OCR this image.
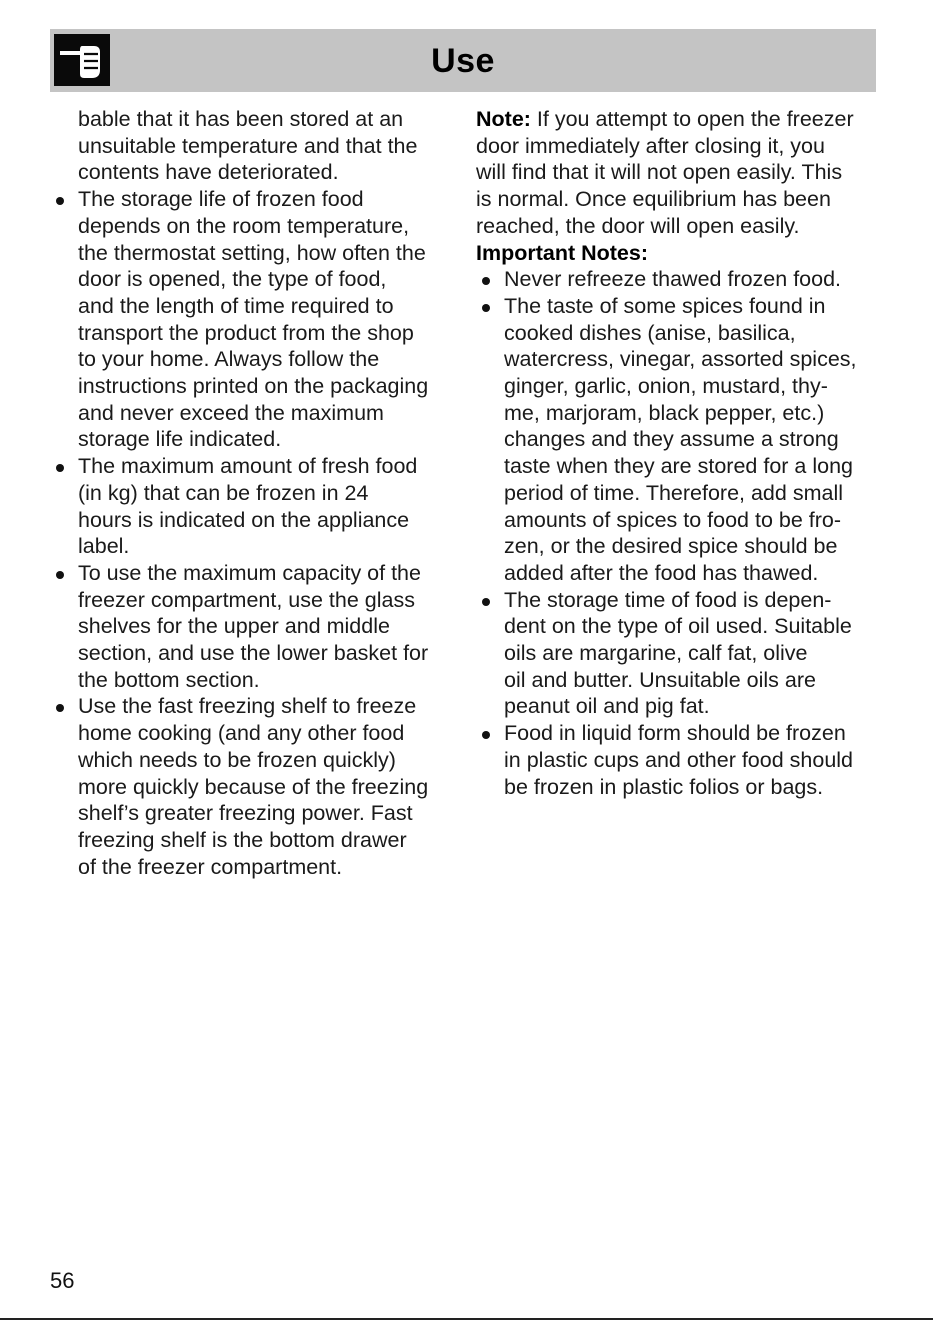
Use
bable that it has been stored at an
unsuitable temperature and that the
contents have deteriorated.
The storage life of frozen food
depends on the room temperature,
the thermostat setting, how often the
door is opened, the type of food,
and the length of time required to
transport the product from the shop
to your home. Always follow the
instructions printed on the packaging
and never exceed the maximum
storage life indicated.
The maximum amount of fresh food
(in kg) that can be frozen in 24
hours is indicated on the appliance
label.
To use the maximum capacity of the
freezer compartment, use the glass
shelves for the upper and middle
section, and use the lower basket for
the bottom section.
Use the fast freezing shelf to freeze
home cooking (and any other food
which needs to be frozen quickly)
more quickly because of the freezing
shelf’s greater freezing power. Fast
freezing shelf is the bottom drawer
of the freezer compartment.
Note: If you attempt to open the freezer
door immediately after closing it, you
will find that it will not open easily. This
is normal. Once equilibrium has been
reached, the door will open easily.
Important Notes:
Never refreeze thawed frozen food.
The taste of some spices found in
cooked dishes (anise, basilica,
watercress, vinegar, assorted spices,
ginger, garlic, onion, mustard, thy-
me, marjoram, black pepper, etc.)
changes and they assume a strong
taste when they are stored for a long
period of time. Therefore, add small
amounts of spices to food to be fro-
zen, or the desired spice should be
added after the food has thawed.
The storage time of food is depen-
dent on the type of oil used. Suitable
oils are margarine, calf fat, olive
oil and butter. Unsuitable oils are
peanut oil and pig fat.
Food in liquid form should be frozen
in plastic cups and other food should
be frozen in plastic folios or bags.
56
